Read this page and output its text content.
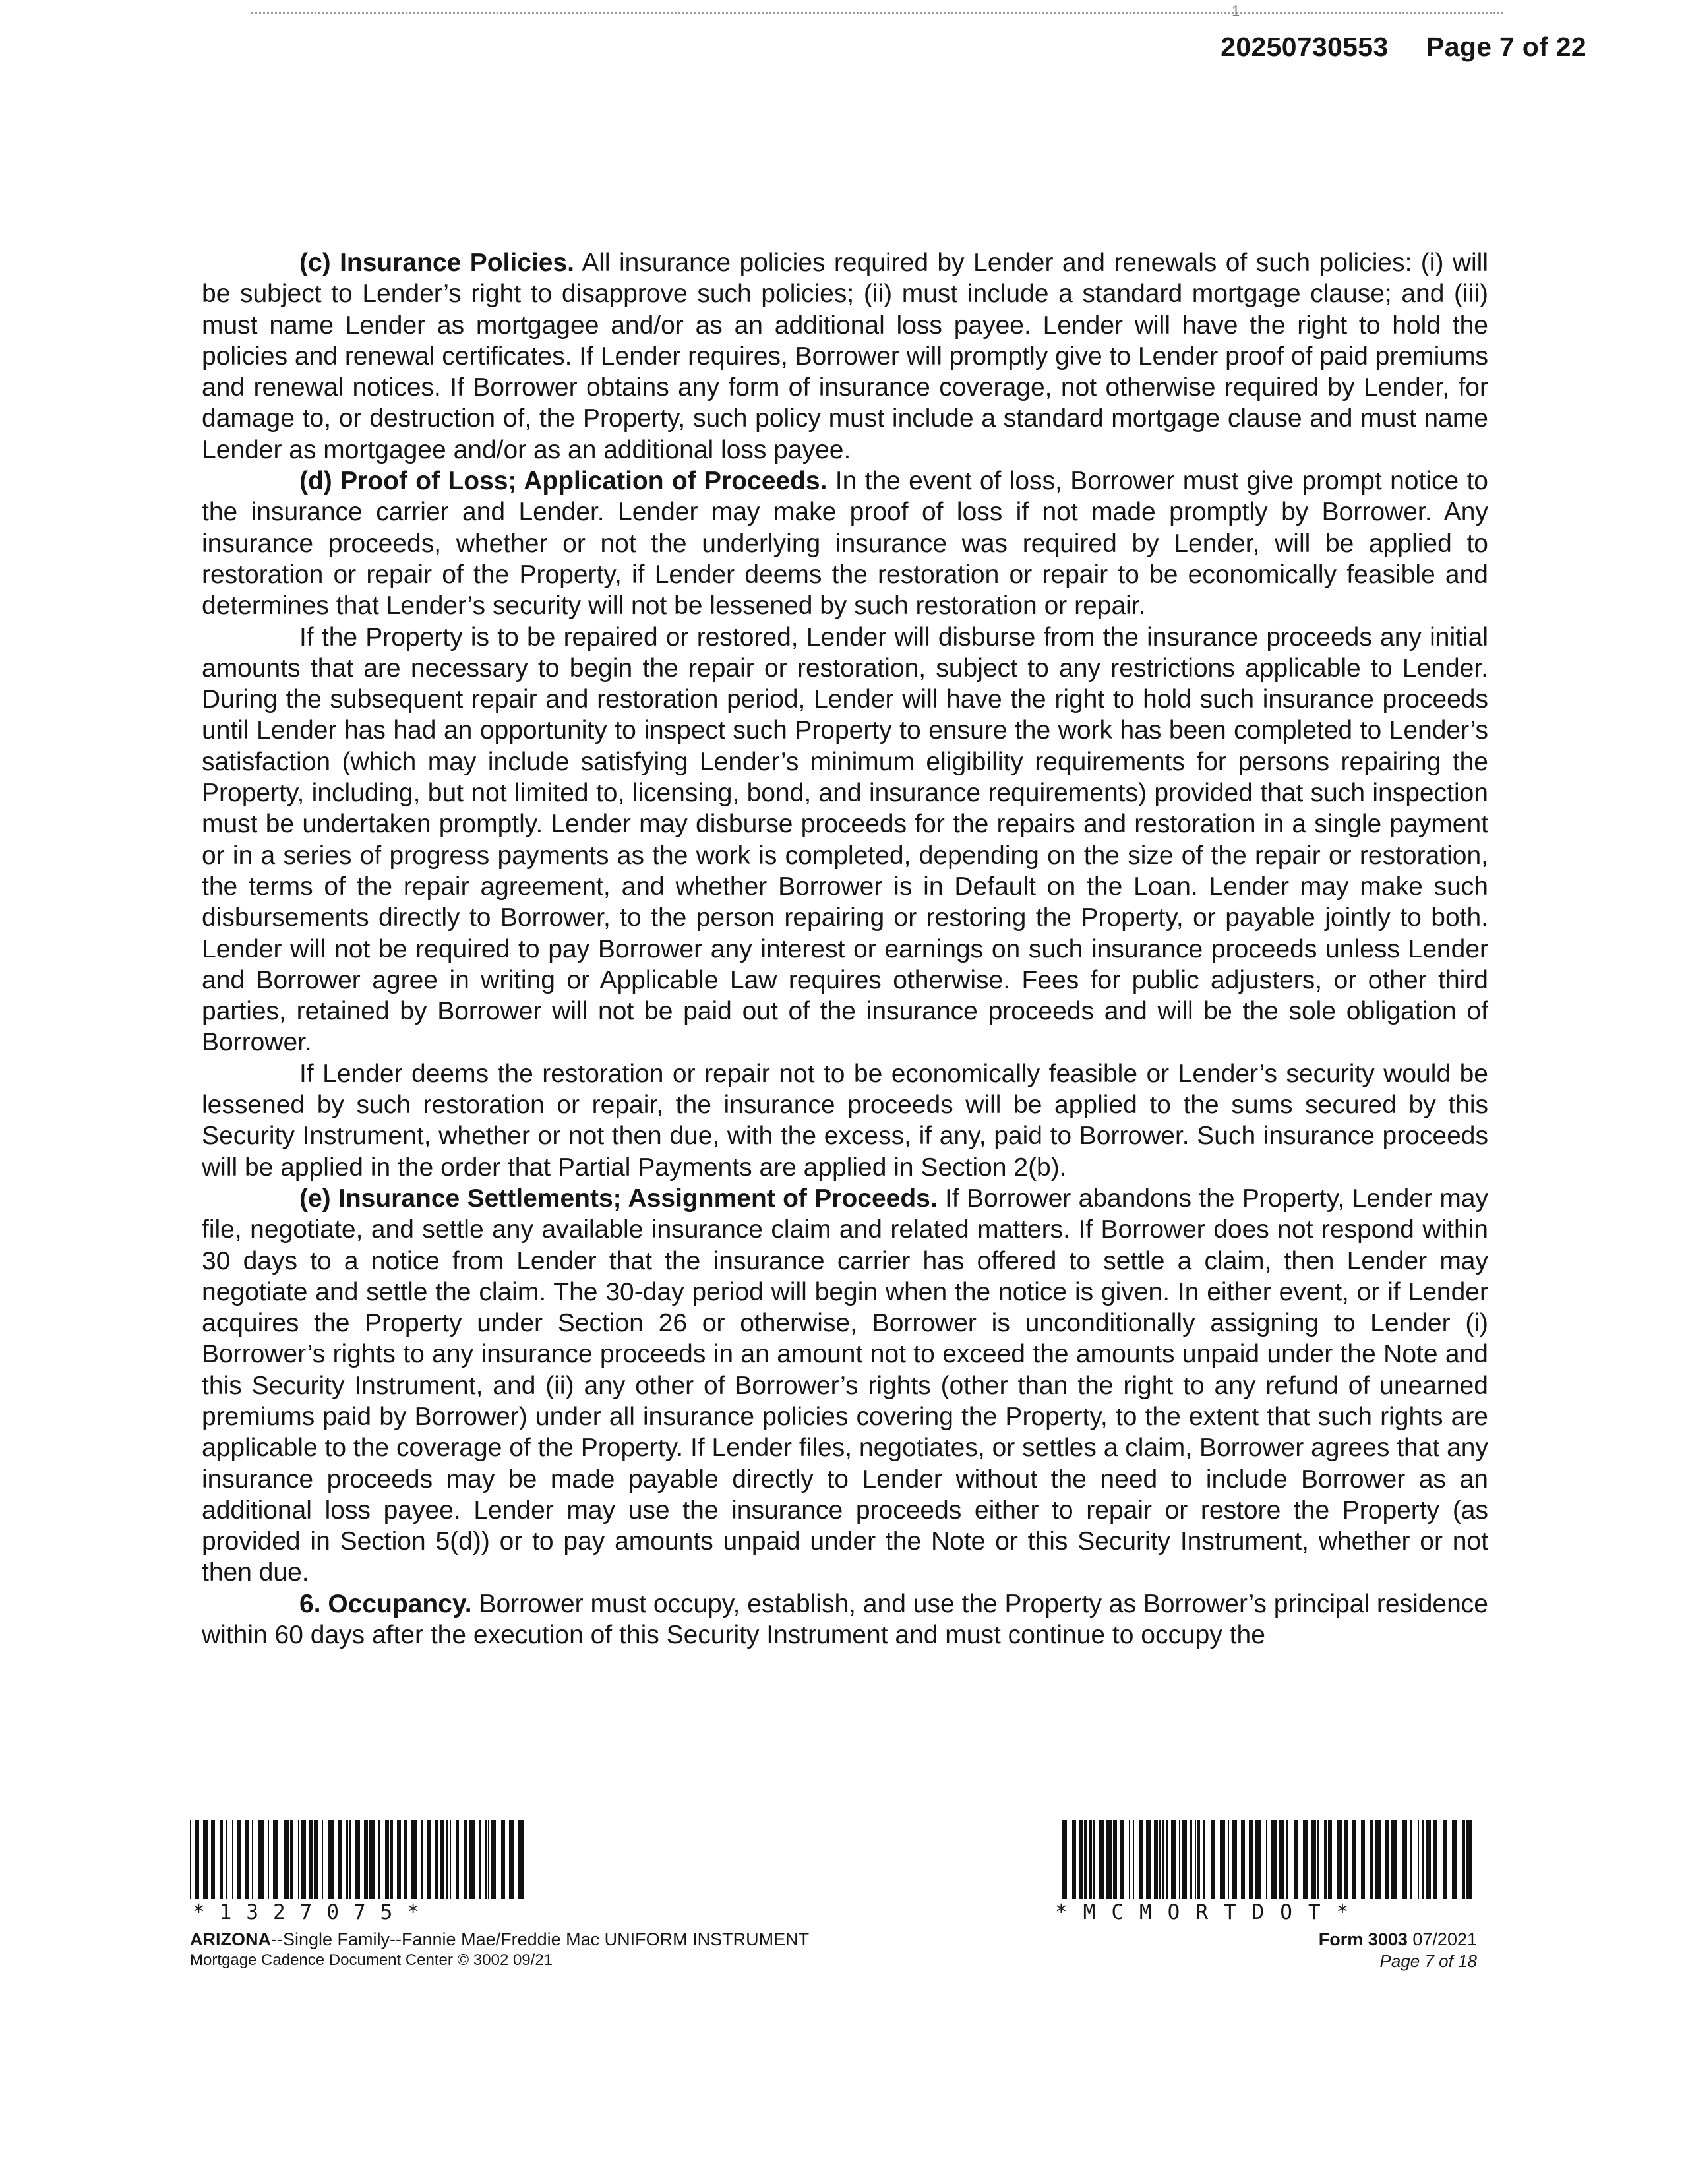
1
20250730553 Page 7 of 22

(c) Insurance Policies. All insurance policies required by Lender and renewals of such policies: (i) will be subject to Lender’s right to disapprove such policies; (ii) must include a standard mortgage clause; and (iii) must name Lender as mortgagee and/or as an additional loss payee. Lender will have the right to hold the policies and renewal certificates. If Lender requires, Borrower will promptly give to Lender proof of paid premiums and renewal notices. If Borrower obtains any form of insurance coverage, not otherwise required by Lender, for damage to, or destruction of, the Property, such policy must include a standard mortgage clause and must name Lender as mortgagee and/or as an additional loss payee.

(d) Proof of Loss; Application of Proceeds. In the event of loss, Borrower must give prompt notice to the insurance carrier and Lender. Lender may make proof of loss if not made promptly by Borrower. Any insurance proceeds, whether or not the underlying insurance was required by Lender, will be applied to restoration or repair of the Property, if Lender deems the restoration or repair to be economically feasible and determines that Lender’s security will not be lessened by such restoration or repair.

If the Property is to be repaired or restored, Lender will disburse from the insurance proceeds any initial amounts that are necessary to begin the repair or restoration, subject to any restrictions applicable to Lender. During the subsequent repair and restoration period, Lender will have the right to hold such insurance proceeds until Lender has had an opportunity to inspect such Property to ensure the work has been completed to Lender’s satisfaction (which may include satisfying Lender’s minimum eligibility requirements for persons repairing the Property, including, but not limited to, licensing, bond, and insurance requirements) provided that such inspection must be undertaken promptly. Lender may disburse proceeds for the repairs and restoration in a single payment or in a series of progress payments as the work is completed, depending on the size of the repair or restoration, the terms of the repair agreement, and whether Borrower is in Default on the Loan. Lender may make such disbursements directly to Borrower, to the person repairing or restoring the Property, or payable jointly to both. Lender will not be required to pay Borrower any interest or earnings on such insurance proceeds unless Lender and Borrower agree in writing or Applicable Law requires otherwise. Fees for public adjusters, or other third parties, retained by Borrower will not be paid out of the insurance proceeds and will be the sole obligation of Borrower.

If Lender deems the restoration or repair not to be economically feasible or Lender’s security would be lessened by such restoration or repair, the insurance proceeds will be applied to the sums secured by this Security Instrument, whether or not then due, with the excess, if any, paid to Borrower. Such insurance proceeds will be applied in the order that Partial Payments are applied in Section 2(b).

(e) Insurance Settlements; Assignment of Proceeds. If Borrower abandons the Property, Lender may file, negotiate, and settle any available insurance claim and related matters. If Borrower does not respond within 30 days to a notice from Lender that the insurance carrier has offered to settle a claim, then Lender may negotiate and settle the claim. The 30-day period will begin when the notice is given. In either event, or if Lender acquires the Property under Section 26 or otherwise, Borrower is unconditionally assigning to Lender (i) Borrower’s rights to any insurance proceeds in an amount not to exceed the amounts unpaid under the Note and this Security Instrument, and (ii) any other of Borrower’s rights (other than the right to any refund of unearned premiums paid by Borrower) under all insurance policies covering the Property, to the extent that such rights are applicable to the coverage of the Property. If Lender files, negotiates, or settles a claim, Borrower agrees that any insurance proceeds may be made payable directly to Lender without the need to include Borrower as an additional loss payee. Lender may use the insurance proceeds either to repair or restore the Property (as provided in Section 5(d)) or to pay amounts unpaid under the Note or this Security Instrument, whether or not then due.

6. Occupancy. Borrower must occupy, establish, and use the Property as Borrower’s principal residence within 60 days after the execution of this Security Instrument and must continue to occupy the

*1327075*
ARIZONA--Single Family--Fannie Mae/Freddie Mac UNIFORM INSTRUMENT
Mortgage Cadence Document Center © 3002 09/21
*MCMORTDOT*
Form 3003 07/2021
Page 7 of 18
